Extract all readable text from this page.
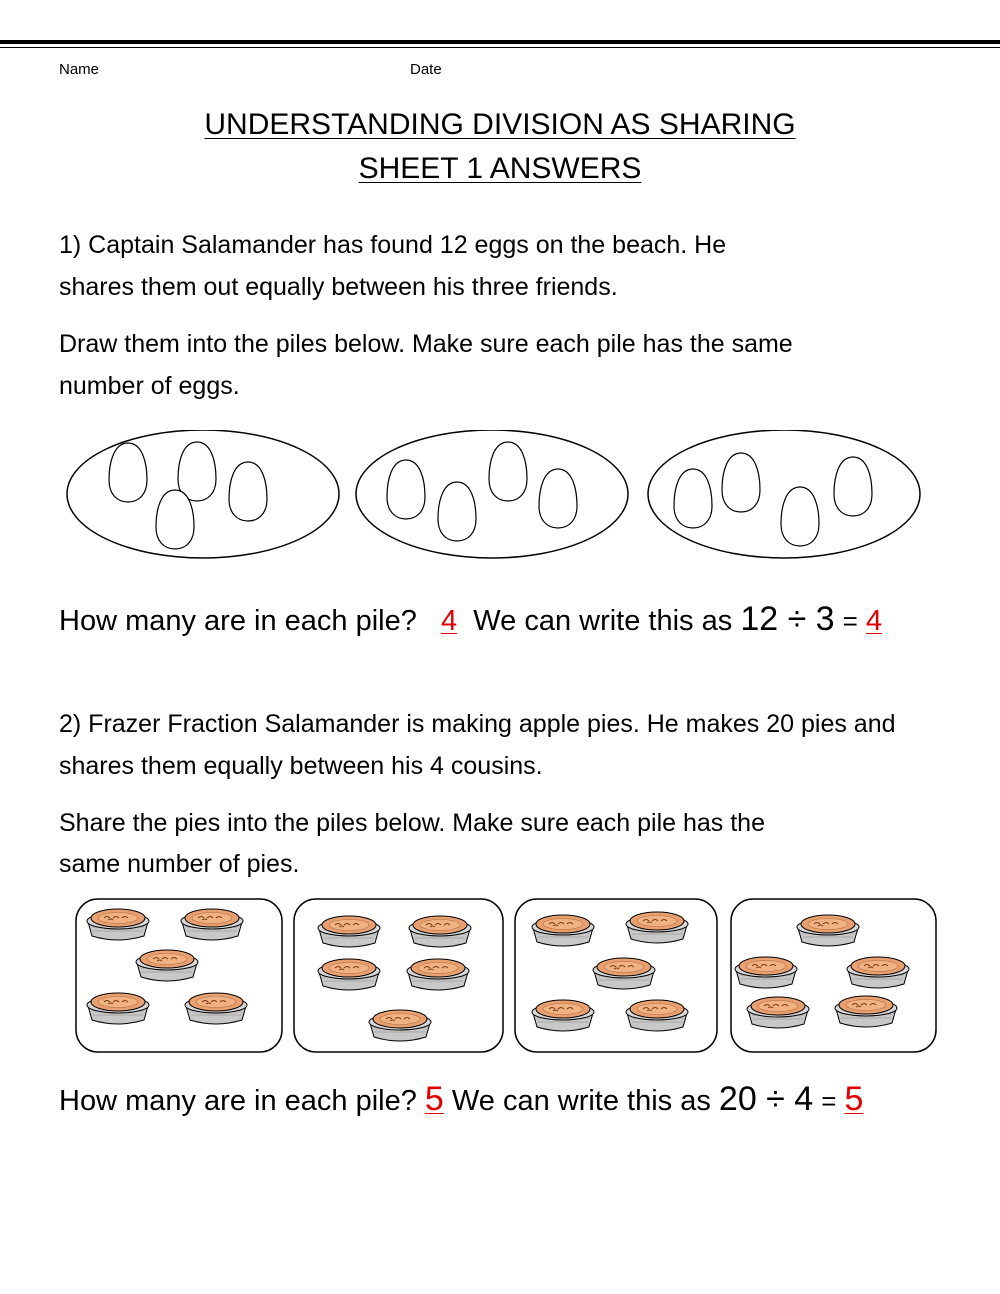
Name	Date
UNDERSTANDING DIVISION AS SHARING
SHEET 1 ANSWERS
1) Captain Salamander has found 12 eggs on the beach. He
shares them out equally between his three friends.
Draw them into the piles below. Make sure each pile has the same
number of eggs.
How many are in each pile? 4 We can write this as 12 ÷ 3 = 4
2) Frazer Fraction Salamander is making apple pies. He makes 20 pies and
shares them equally between his 4 cousins.
Share the pies into the piles below. Make sure each pile has the
same number of pies.
How many are in each pile? 5 We can write this as 20 ÷ 4 = 5
